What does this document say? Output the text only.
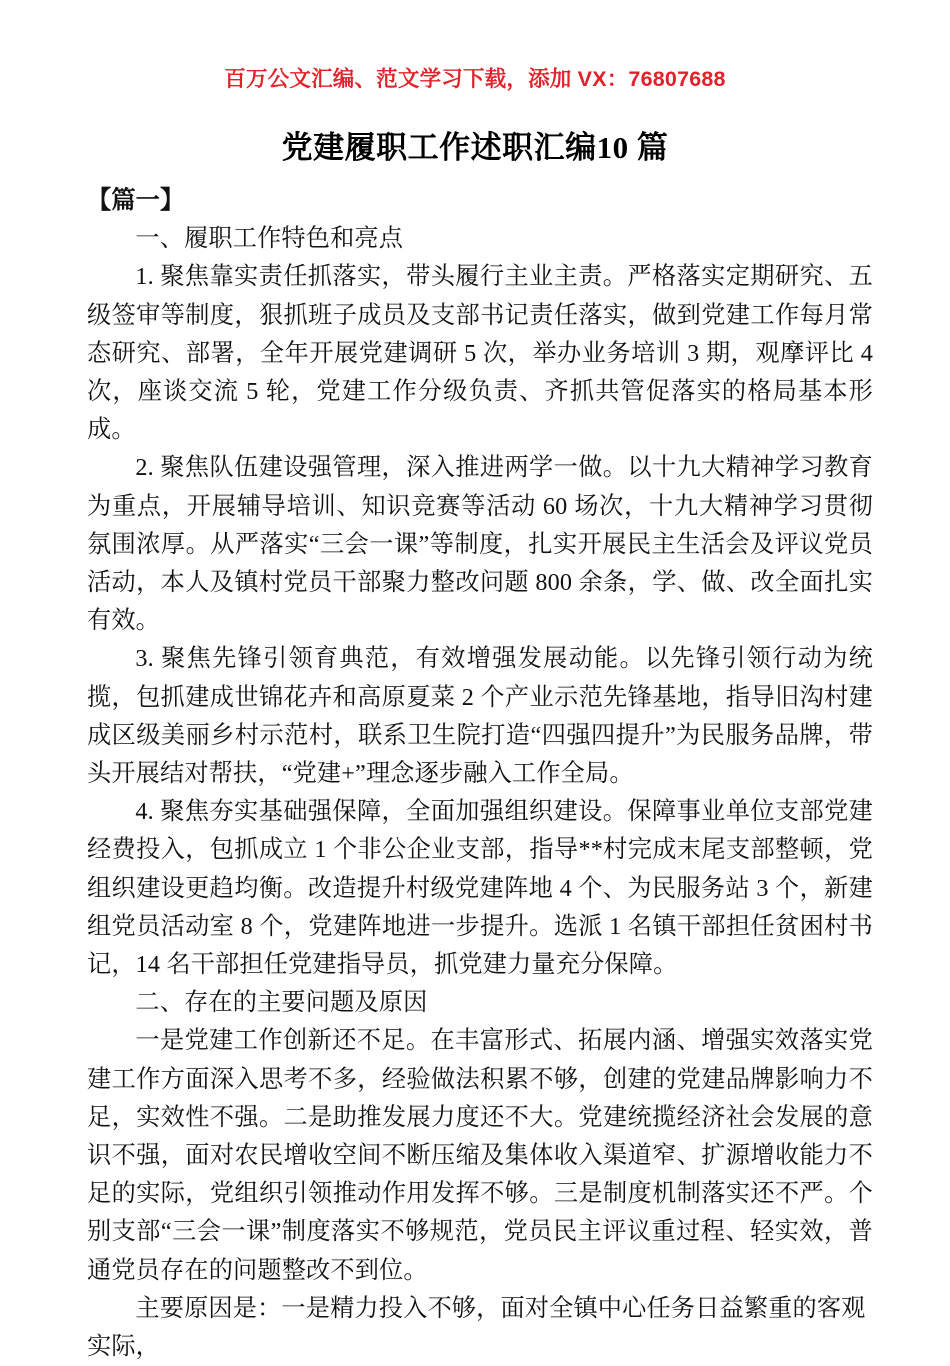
百万公文汇编、范文学习下载，添加 VX：76807688
党建履职工作述职汇编10 篇

【篇一】

一、履职工作特色和亮点

1. 聚焦靠实责任抓落实，带头履行主业主责。严格落实定期研究、五级签审等制度，狠抓班子成员及支部书记责任落实，做到党建工作每月常态研究、部署，全年开展党建调研 5 次，举办业务培训 3 期，观摩评比 4 次，座谈交流 5 轮，党建工作分级负责、齐抓共管促落实的格局基本形成。

2. 聚焦队伍建设强管理，深入推进两学一做。以十九大精神学习教育为重点，开展辅导培训、知识竞赛等活动 60 场次，十九大精神学习贯彻氛围浓厚。从严落实“三会一课”等制度，扎实开展民主生活会及评议党员活动，本人及镇村党员干部聚力整改问题 800 余条，学、做、改全面扎实有效。

3. 聚焦先锋引领育典范，有效增强发展动能。以先锋引领行动为统揽，包抓建成世锦花卉和高原夏菜 2 个产业示范先锋基地，指导旧沟村建成区级美丽乡村示范村，联系卫生院打造“四强四提升”为民服务品牌，带头开展结对帮扶，“党建+”理念逐步融入工作全局。

4. 聚焦夯实基础强保障，全面加强组织建设。保障事业单位支部党建经费投入，包抓成立 1 个非公企业支部，指导**村完成末尾支部整顿，党组织建设更趋均衡。改造提升村级党建阵地 4 个、为民服务站 3 个，新建组党员活动室 8 个，党建阵地进一步提升。选派 1 名镇干部担任贫困村书记，14 名干部担任党建指导员，抓党建力量充分保障。

二、存在的主要问题及原因

一是党建工作创新还不足。在丰富形式、拓展内涵、增强实效落实党建工作方面深入思考不多，经验做法积累不够，创建的党建品牌影响力不足，实效性不强。二是助推发展力度还不大。党建统揽经济社会发展的意识不强，面对农民增收空间不断压缩及集体收入渠道窄、扩源增收能力不足的实际，党组织引领推动作用发挥不够。三是制度机制落实还不严。个别支部“三会一课”制度落实不够规范，党员民主评议重过程、轻实效，普通党员存在的问题整改不到位。

主要原因是：一是精力投入不够，面对全镇中心任务日益繁重的客观实际，
